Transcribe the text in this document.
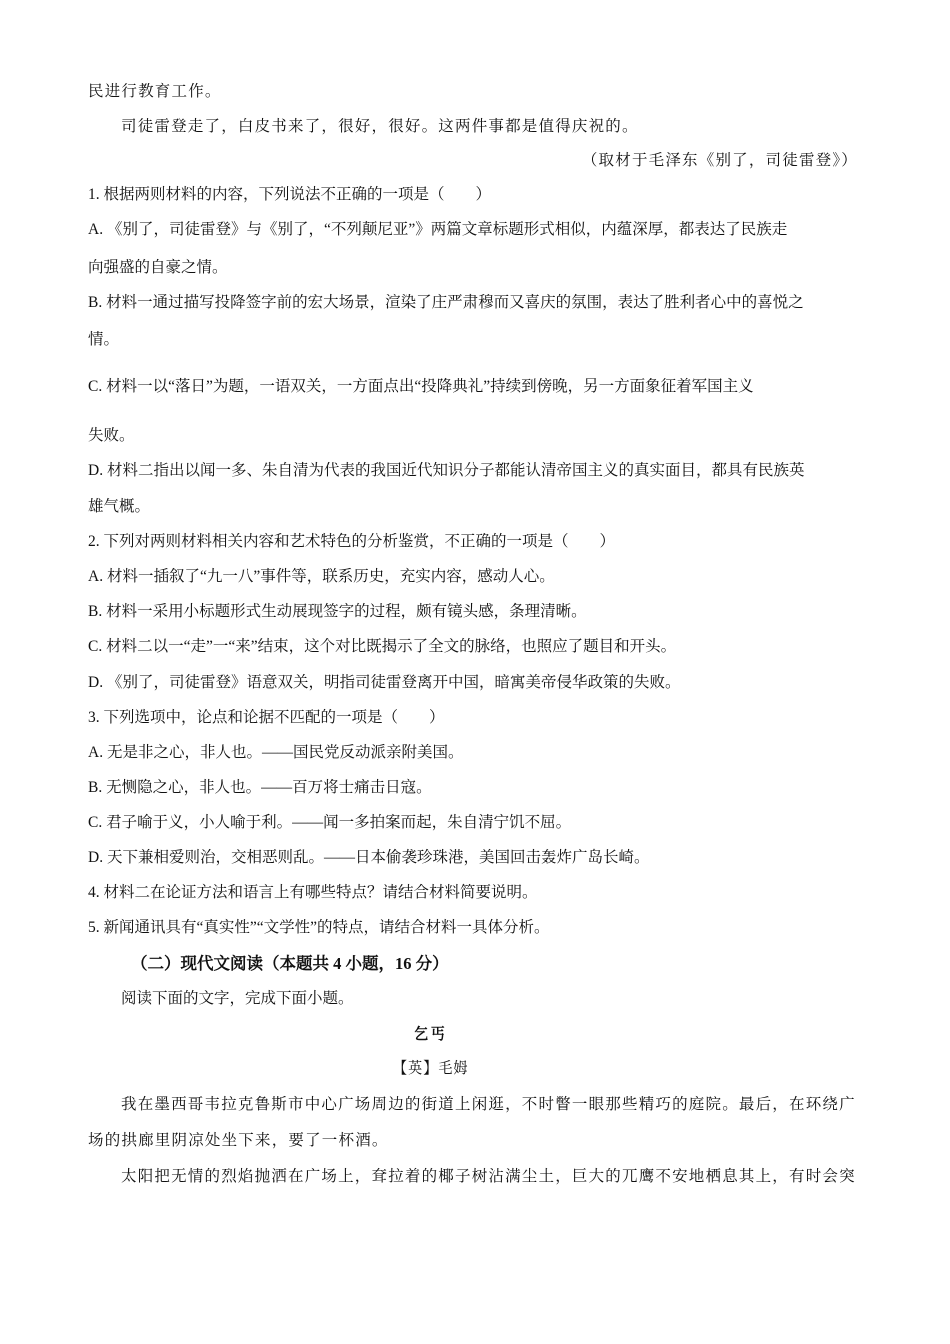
民进行教育工作。
司徒雷登走了，白皮书来了，很好，很好。这两件事都是值得庆祝的。
（取材于毛泽东《别了，司徒雷登》）
1. 根据两则材料的内容，下列说法不正确的一项是（　　）
A. 《别了，司徒雷登》与《别了，“不列颠尼亚”》两篇文章标题形式相似，内蕴深厚，都表达了民族走
向强盛的自豪之情。
B. 材料一通过描写投降签字前的宏大场景，渲染了庄严肃穆而又喜庆的氛围，表达了胜利者心中的喜悦之
情。
C. 材料一以“落日”为题，一语双关，一方面点出“投降典礼”持续到傍晚，另一方面象征着军国主义
失败。
D. 材料二指出以闻一多、朱自清为代表的我国近代知识分子都能认清帝国主义的真实面目，都具有民族英
雄气概。
2. 下列对两则材料相关内容和艺术特色的分析鉴赏，不正确的一项是（　　）
A. 材料一插叙了“九一八”事件等，联系历史，充实内容，感动人心。
B. 材料一采用小标题形式生动展现签字的过程，颇有镜头感，条理清晰。
C. 材料二以一“走”一“来”结束，这个对比既揭示了全文的脉络，也照应了题目和开头。
D. 《别了，司徒雷登》语意双关，明指司徒雷登离开中国，暗寓美帝侵华政策的失败。
3. 下列选项中，论点和论据不匹配的一项是（　　）
A. 无是非之心，非人也。——国民党反动派亲附美国。
B. 无恻隐之心，非人也。——百万将士痛击日寇。
C. 君子喻于义，小人喻于利。——闻一多拍案而起，朱自清宁饥不屈。
D. 天下兼相爱则治，交相恶则乱。——日本偷袭珍珠港，美国回击轰炸广岛长崎。
4. 材料二在论证方法和语言上有哪些特点？请结合材料简要说明。
5. 新闻通讯具有“真实性”“文学性”的特点，请结合材料一具体分析。
（二）现代文阅读（本题共 4 小题，16 分）
阅读下面的文字，完成下面小题。
乞丐
【英】毛姆
我在墨西哥韦拉克鲁斯市中心广场周边的街道上闲逛，不时瞥一眼那些精巧的庭院。最后，在环绕广
场的拱廊里阴凉处坐下来，要了一杯酒。
太阳把无情的烈焰抛洒在广场上，耷拉着的椰子树沾满尘土，巨大的兀鹰不安地栖息其上，有时会突
